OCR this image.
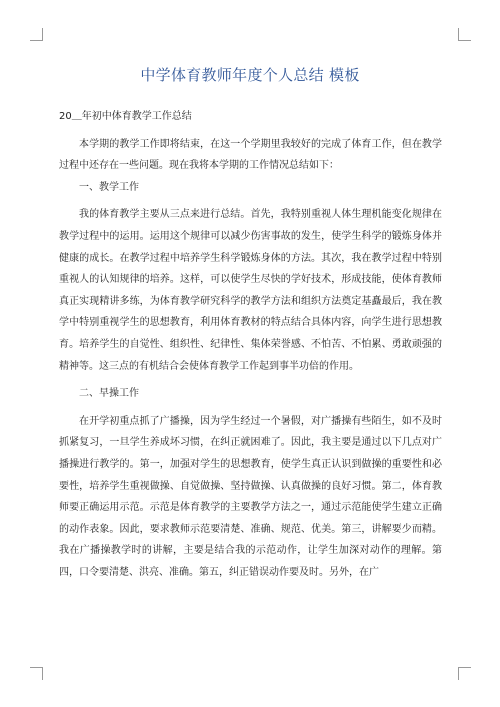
中学体育教师年度个人总结 模板

20＿年初中体育教学工作总结

本学期的教学工作即将结束，在这一个学期里我较好的完成了体育工作，但在教学过程中还存在一些问题。现在我将本学期的工作情况总结如下：

一、教学工作

我的体育教学主要从三点来进行总结。首先，我特别重视人体生理机能变化规律在教学过程中的运用。运用这个规律可以减少伤害事故的发生，使学生科学的锻炼身体并健康的成长。在教学过程中培养学生科学锻炼身体的方法。其次，我在教学过程中特别重视人的认知规律的培养。这样，可以使学生尽快的学好技术，形成技能，使体育教师真正实现精讲多练，为体育教学研究科学的教学方法和组织方法奠定基矗最后，我在教学中特别重视学生的思想教育，利用体育教材的特点结合具体内容，向学生进行思想教育。培养学生的自觉性、组织性、纪律性、集体荣誉感、不怕苦、不怕累、勇敢顽强的精神等。这三点的有机结合会使体育教学工作起到事半功倍的作用。

二、早操工作

在开学初重点抓了广播操，因为学生经过一个暑假，对广播操有些陌生，如不及时抓紧复习，一旦学生养成坏习惯，在纠正就困难了。因此，我主要是通过以下几点对广播操进行教学的。第一，加强对学生的思想教育，使学生真正认识到做操的重要性和必要性，培养学生重视做操、自觉做操、坚持做操、认真做操的良好习惯。第二，体育教师要正确运用示范。示范是体育教学的主要教学方法之一，通过示范能使学生建立正确的动作表象。因此，要求教师示范要清楚、准确、规范、优美。第三，讲解要少而精。我在广播操教学时的讲解，主要是结合我的示范动作，让学生加深对动作的理解。第四，口令要清楚、洪亮、准确。第五，纠正错误动作要及时。另外，在广
